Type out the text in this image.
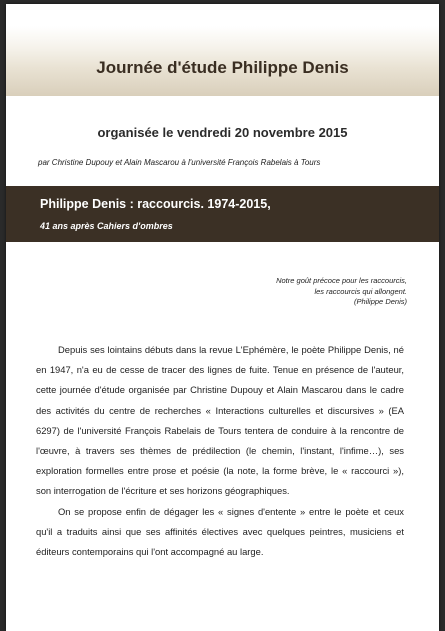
Journée d'étude Philippe Denis
organisée le vendredi 20 novembre 2015
par Christine Dupouy et Alain Mascarou à l'université François Rabelais à Tours
Philippe Denis : raccourcis. 1974-2015,
41 ans après Cahiers d'ombres
Notre goût précoce pour les raccourcis,
les raccourcis qui allongent.
(Philippe Denis)

Depuis ses lointains débuts dans la revue L'Ephémère, le poète Philippe Denis, né en 1947, n'a eu de cesse de tracer des lignes de fuite. Tenue en présence de l'auteur, cette journée d'étude organisée par Christine Dupouy et Alain Mascarou dans le cadre des activités du centre de recherches « Interactions culturelles et discursives » (EA 6297) de l'université François Rabelais de Tours tentera de conduire à la rencontre de l'œuvre, à travers ses thèmes de prédilection (le chemin, l'instant, l'infime…), ses exploration formelles entre prose et poésie (la note, la forme brève, le « raccourci »), son interrogation de l'écriture et ses horizons géographiques.

On se propose enfin de dégager les « signes d'entente » entre le poète et ceux qu'il a traduits ainsi que ses affinités électives avec quelques peintres, musiciens et éditeurs contemporains qui l'ont accompagné au large.
